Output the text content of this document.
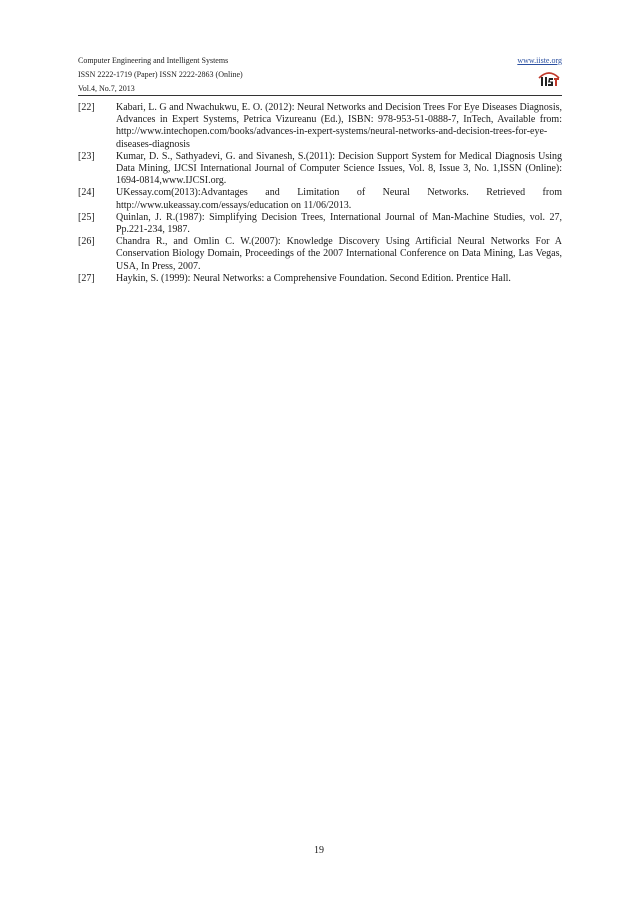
Computer Engineering and Intelligent Systems
ISSN 2222-1719 (Paper) ISSN 2222-2863 (Online)
Vol.4, No.7, 2013
www.iiste.org
[22]	Kabari, L. G and Nwachukwu, E. O. (2012): Neural Networks and Decision Trees For Eye Diseases Diagnosis, Advances in Expert Systems, Petrica Vizureanu (Ed.), ISBN: 978-953-51-0888-7, InTech, Available from: http://www.intechopen.com/books/advances-in-expert-systems/neural-networks-and-decision-trees-for-eye-diseases-diagnosis
[23]	Kumar, D. S., Sathyadevi, G. and Sivanesh, S.(2011): Decision Support System for Medical Diagnosis Using Data Mining, IJCSI International Journal of Computer Science Issues, Vol. 8, Issue 3, No. 1,ISSN (Online): 1694-0814,www.IJCSI.org.
[24]	UKessay.com(2013):Advantages and Limitation of Neural Networks. Retrieved from http://www.ukeassay.com/essays/education on 11/06/2013.
[25]	Quinlan, J. R.(1987): Simplifying Decision Trees, International Journal of Man-Machine Studies, vol. 27, Pp.221-234, 1987.
[26]	Chandra R., and Omlin C. W.(2007): Knowledge Discovery Using Artificial Neural Networks For A Conservation Biology Domain, Proceedings of the 2007 International Conference on Data Mining, Las Vegas, USA, In Press, 2007.
[27]	Haykin, S. (1999): Neural Networks: a Comprehensive Foundation. Second Edition. Prentice Hall.
19
